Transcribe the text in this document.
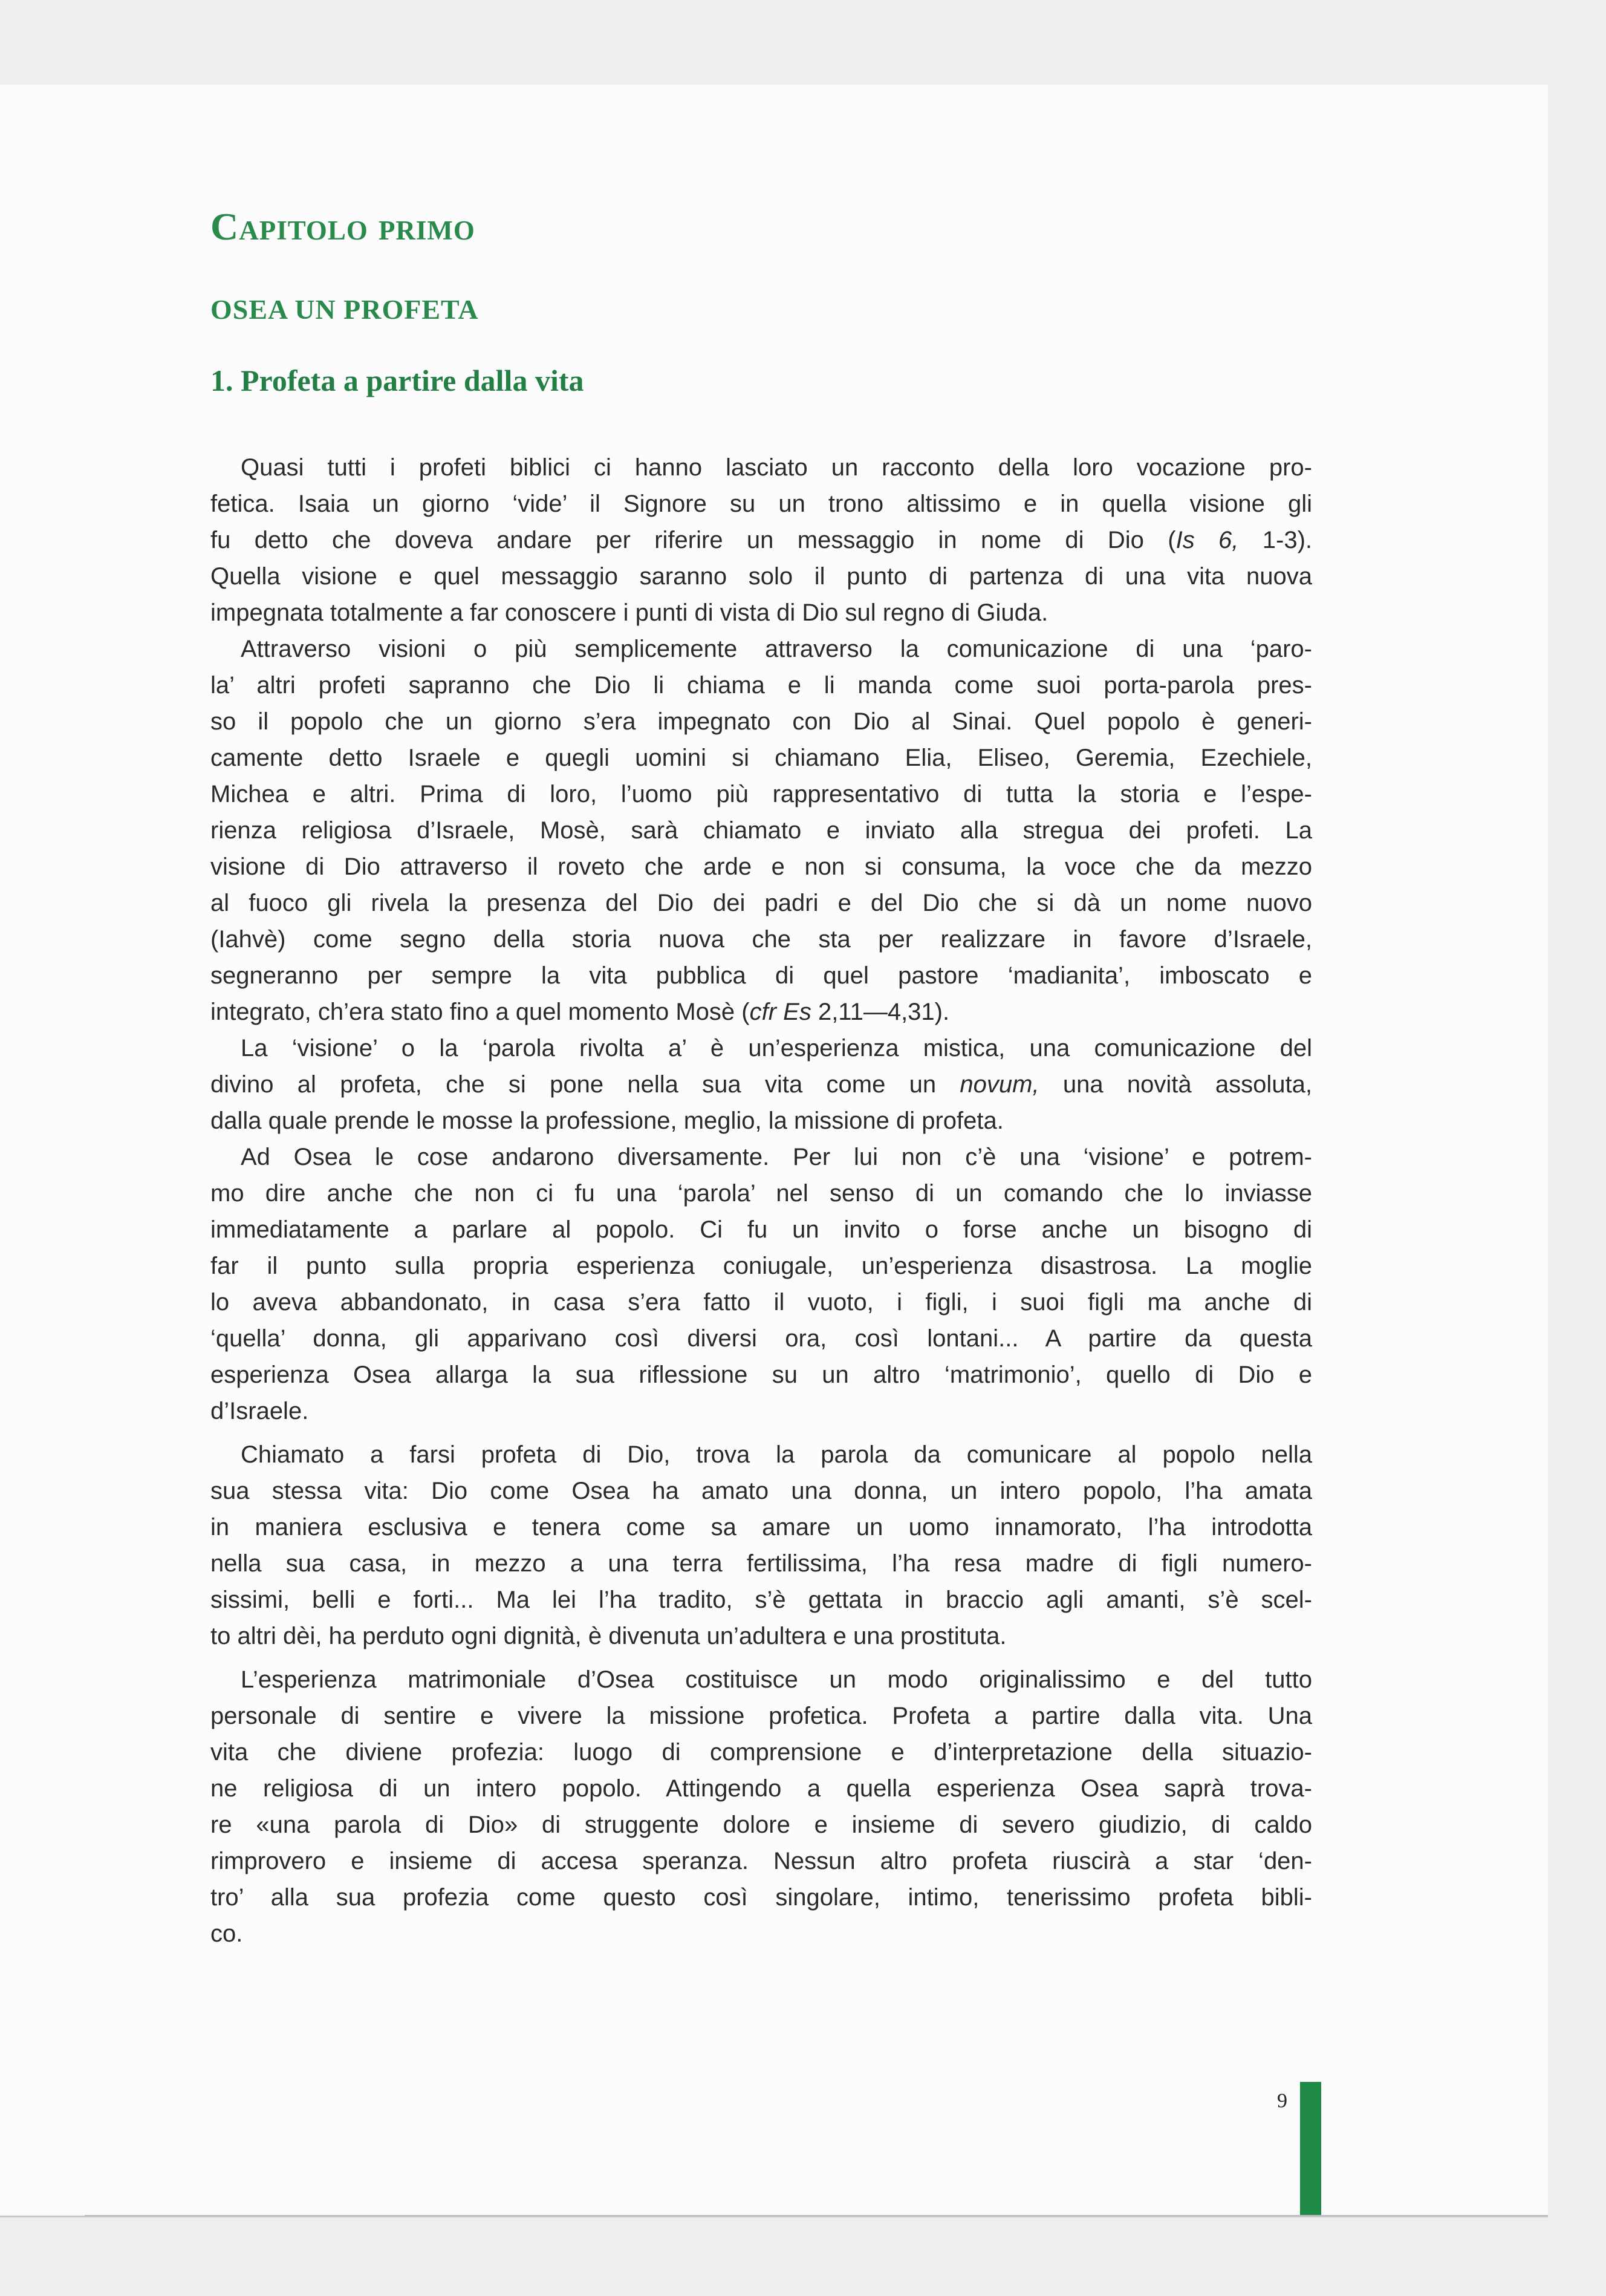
Capitolo primo
OSEA UN PROFETA
1. Profeta a partire dalla vita
Quasi tutti i profeti biblici ci hanno lasciato un racconto della loro vocazione pro-
fetica. Isaia un giorno ‘vide’ il Signore su un trono altissimo e in quella visione gli
fu detto che doveva andare per riferire un messaggio in nome di Dio (Is 6, 1-3).
Quella visione e quel messaggio saranno solo il punto di partenza di una vita nuova
impegnata totalmente a far conoscere i punti di vista di Dio sul regno di Giuda.
Attraverso visioni o più semplicemente attraverso la comunicazione di una ‘paro-
la’ altri profeti sapranno che Dio li chiama e li manda come suoi porta-parola pres-
so il popolo che un giorno s’era impegnato con Dio al Sinai. Quel popolo è generi-
camente detto Israele e quegli uomini si chiamano Elia, Eliseo, Geremia, Ezechiele,
Michea e altri. Prima di loro, l’uomo più rappresentativo di tutta la storia e l’espe-
rienza religiosa d’Israele, Mosè, sarà chiamato e inviato alla stregua dei profeti. La
visione di Dio attraverso il roveto che arde e non si consuma, la voce che da mezzo
al fuoco gli rivela la presenza del Dio dei padri e del Dio che si dà un nome nuovo
(Iahvè) come segno della storia nuova che sta per realizzare in favore d’Israele,
segneranno per sempre la vita pubblica di quel pastore ‘madianita’, imboscato e
integrato, ch’era stato fino a quel momento Mosè (cfr Es 2,11—4,31).
La ‘visione’ o la ‘parola rivolta a’ è un’esperienza mistica, una comunicazione del
divino al profeta, che si pone nella sua vita come un novum, una novità assoluta,
dalla quale prende le mosse la professione, meglio, la missione di profeta.
Ad Osea le cose andarono diversamente. Per lui non c’è una ‘visione’ e potrem-
mo dire anche che non ci fu una ‘parola’ nel senso di un comando che lo inviasse
immediatamente a parlare al popolo. Ci fu un invito o forse anche un bisogno di
far il punto sulla propria esperienza coniugale, un’esperienza disastrosa. La moglie
lo aveva abbandonato, in casa s’era fatto il vuoto, i figli, i suoi figli ma anche di
‘quella’ donna, gli apparivano così diversi ora, così lontani... A partire da questa
esperienza Osea allarga la sua riflessione su un altro ‘matrimonio’, quello di Dio e
d’Israele.
Chiamato a farsi profeta di Dio, trova la parola da comunicare al popolo nella
sua stessa vita: Dio come Osea ha amato una donna, un intero popolo, l’ha amata
in maniera esclusiva e tenera come sa amare un uomo innamorato, l’ha introdotta
nella sua casa, in mezzo a una terra fertilissima, l’ha resa madre di figli numero-
sissimi, belli e forti... Ma lei l’ha tradito, s’è gettata in braccio agli amanti, s’è scel-
to altri dèi, ha perduto ogni dignità, è divenuta un’adultera e una prostituta.
L’esperienza matrimoniale d’Osea costituisce un modo originalissimo e del tutto
personale di sentire e vivere la missione profetica. Profeta a partire dalla vita. Una
vita che diviene profezia: luogo di comprensione e d’interpretazione della situazio-
ne religiosa di un intero popolo. Attingendo a quella esperienza Osea saprà trova-
re «una parola di Dio» di struggente dolore e insieme di severo giudizio, di caldo
rimprovero e insieme di accesa speranza. Nessun altro profeta riuscirà a star ‘den-
tro’ alla sua profezia come questo così singolare, intimo, tenerissimo profeta bibli-
co.
9
